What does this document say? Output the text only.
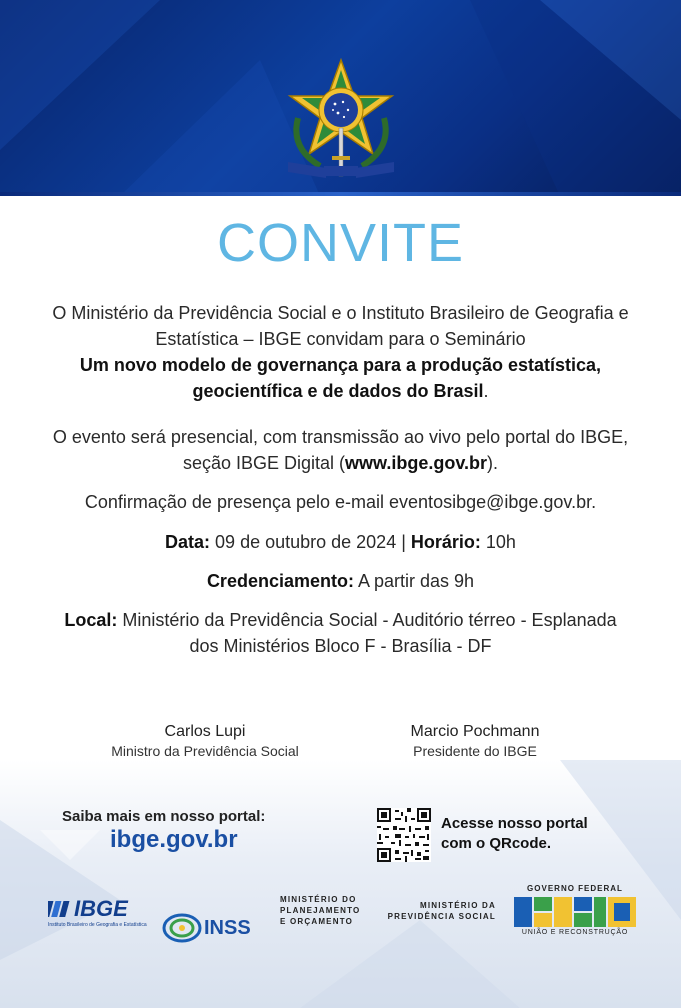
CONVITE
O Ministério da Previdência Social e o Instituto Brasileiro de Geografia e
Estatística – IBGE convidam para o Seminário
Um novo modelo de governança para a produção estatística,
geocientífica e de dados do Brasil.
O evento será presencial, com transmissão ao vivo pelo portal do IBGE,
seção IBGE Digital (www.ibge.gov.br).
Confirmação de presença pelo e-mail eventosibge@ibge.gov.br.
Data: 09 de outubro de 2024 | Horário: 10h
Credenciamento: A partir das 9h
Local: Ministério da Previdência Social - Auditório térreo - Esplanada
dos Ministérios Bloco F - Brasília - DF
Carlos Lupi
Ministro da Previdência Social
Marcio Pochmann
Presidente do IBGE
Saiba mais em nosso portal:
ibge.gov.br
Acesse nosso portal
com o QRcode.
IBGE
Instituto Brasileiro de Geografia e Estatística	INSS
MINISTÉRIO DO
PLANEJAMENTO
E ORÇAMENTO
MINISTÉRIO DA
PREVIDÊNCIA SOCIAL
GOVERNO FEDERAL
UNIÃO E RECONSTRUÇÃO
